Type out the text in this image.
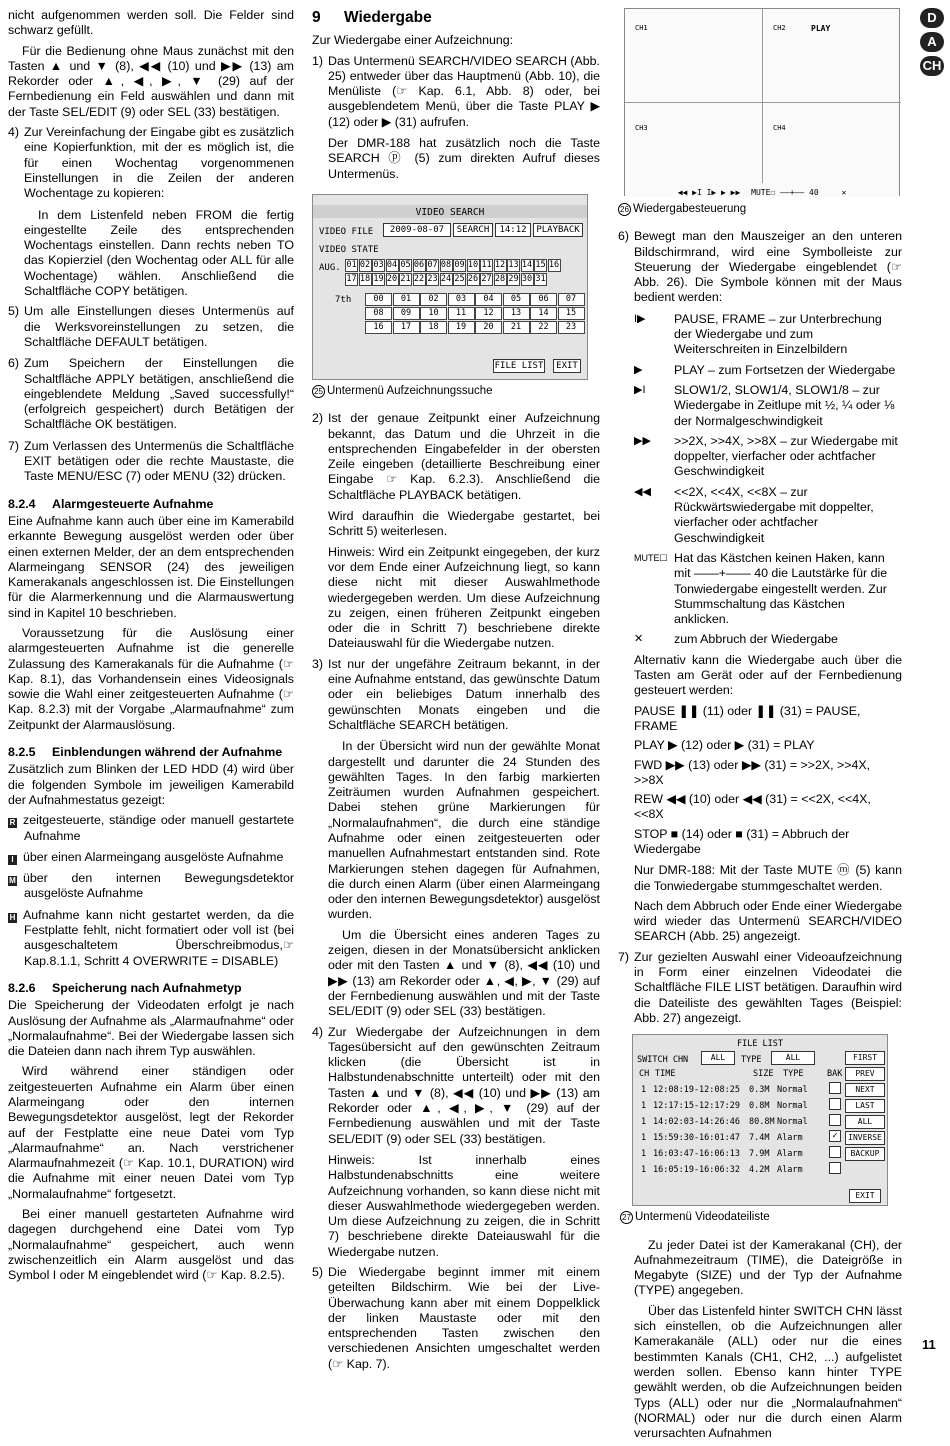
D
A
CH

nicht aufgenommen werden soll. Die Felder sind schwarz gefüllt.

Für die Bedienung ohne Maus zunächst mit den Tasten ▲ und ▼ (8), ◀◀ (10) und ▶▶ (13) am Rekorder oder ▲, ◀, ▶, ▼ (29) auf der Fernbedienung ein Feld auswählen und dann mit der Taste SEL/EDIT (9) oder SEL (33) bestätigen.

4) Zur Vereinfachung der Eingabe gibt es zusätzlich eine Kopierfunktion, mit der es möglich ist, die für einen Wochentag vorgenommenen Einstellungen in die Zeilen der anderen Wochentage zu kopieren:

In dem Listenfeld neben FROM die fertig eingestellte Zeile des entsprechenden Wochentags einstellen. Dann rechts neben TO das Kopierziel (den Wochentag oder ALL für alle Wochentage) wählen. Anschließend die Schaltfläche COPY betätigen.

5) Um alle Einstellungen dieses Untermenüs auf die Werksvoreinstellungen zu setzen, die Schaltfläche DEFAULT betätigen.
6) Zum Speichern der Einstellungen die Schaltfläche APPLY betätigen, anschließend die eingeblendete Meldung „Saved successfully!“ (erfolgreich gespeichert) durch Betätigen der Schaltfläche OK bestätigen.
7) Zum Verlassen des Untermenüs die Schaltfläche EXIT betätigen oder die rechte Maustaste, die Taste MENU/ESC (7) oder MENU (32) drücken.
8.2.4 Alarmgesteuerte Aufnahme

Eine Aufnahme kann auch über eine im Kamerabild erkannte Bewegung ausgelöst werden oder über einen externen Melder, der an dem entsprechenden Alarmeingang SENSOR (24) des jeweiligen Kamerakanals angeschlossen ist. Die Einstellungen für die Alarmerkennung und die Alarmauswertung sind in Kapitel 10 beschrieben.

Voraussetzung für die Auslösung einer alarmgesteuerten Aufnahme ist die generelle Zulassung des Kamerakanals für die Aufnahme (☞ Kap. 8.1), das Vorhandensein eines Videosignals sowie die Wahl einer zeitgesteuerten Aufnahme (☞ Kap. 8.2.3) mit der Vorgabe „Alarmaufnahme“ zum Zeitpunkt der Alarmauslösung.

8.2.5 Einblendungen während der Aufnahme

Zusätzlich zum Blinken der LED HDD (4) wird über die folgenden Symbole im jeweiligen Kamerabild der Aufnahmestatus gezeigt:

R zeitgesteuerte, ständige oder manuell gestartete Aufnahme
I über einen Alarmeingang ausgelöste Aufnahme
M über den internen Bewegungsdetektor ausgelöste Aufnahme
H Aufnahme kann nicht gestartet werden, da die Festplatte fehlt, nicht formatiert oder voll ist (bei ausgeschaltetem Überschreibmodus,☞Kap.8.1.1, Schritt 4 OVERWRITE = DISABLE)
8.2.6 Speicherung nach Aufnahmetyp

Die Speicherung der Videodaten erfolgt je nach Auslösung der Aufnahme als „Alarmaufnahme“ oder „Normalaufnahme“. Bei der Wiedergabe lassen sich die Dateien dann nach ihrem Typ auswählen.

Wird während einer ständigen oder zeitgesteuerten Aufnahme ein Alarm über einen Alarmeingang oder den internen Bewegungsdetektor ausgelöst, legt der Rekorder auf der Festplatte eine neue Datei vom Typ „Alarmaufnahme“ an. Nach verstrichener Alarmaufnahmezeit (☞ Kap. 10.1, DURATION) wird die Aufnahme mit einer neuen Datei vom Typ „Normalaufnahme“ fortgesetzt.

Bei einer manuell gestarteten Aufnahme wird dagegen durchgehend eine Datei vom Typ „Normalaufnahme“ gespeichert, auch wenn zwischenzeitlich ein Alarm ausgelöst und das Symbol I oder M eingeblendet wird (☞ Kap. 8.2.5).

9 Wiedergabe

Zur Wiedergabe einer Aufzeichnung:

1) Das Untermenü SEARCH/VIDEO SEARCH (Abb. 25) entweder über das Hauptmenü (Abb. 10), die Menüliste (☞ Kap. 6.1, Abb. 8) oder, bei ausgeblendetem Menü, über die Taste PLAY ▶ (12) oder ▶ (31) aufrufen.

Der DMR-188 hat zusätzlich noch die Taste SEARCH ⓟ (5) zum direkten Aufruf dieses Untermenüs.

VIDEO SEARCH
VIDEO FILE	2009-08-07	SEARCH	14:12	PLAYBACK
VIDEO STATE
AUG. 01 02 03 04 05 06 07 08 09 10 11 12 13 14 15 16
17 18 19 20 21 22 23 24 25 26 27 28 29 30 31
7th	00	01	02	03	04	05	06	07
08	09	10	11	12	13	14	15
16	17	18	19	20	21	22	23
FILE LIST	EXIT
25 Untermenü Aufzeichnungssuche
2) Ist der genaue Zeitpunkt einer Aufzeichnung bekannt, das Datum und die Uhrzeit in die entsprechenden Eingabefelder in der obersten Zeile eingeben (detaillierte Beschreibung einer Eingabe ☞ Kap. 6.2.3). Anschließend die Schaltfläche PLAYBACK betätigen.

Wird daraufhin die Wiedergabe gestartet, bei Schritt 5) weiterlesen.

Hinweis: Wird ein Zeitpunkt eingegeben, der kurz vor dem Ende einer Aufzeichnung liegt, so kann diese nicht mit dieser Auswahlmethode wiedergegeben werden. Um diese Aufzeichnung zu zeigen, einen früheren Zeitpunkt eingeben oder die in Schritt 7) beschriebene direkte Dateiauswahl für die Wiedergabe nutzen.

3) Ist nur der ungefähre Zeitraum bekannt, in der eine Aufnahme entstand, das gewünschte Datum oder ein beliebiges Datum innerhalb des gewünschten Monats eingeben und die Schaltfläche SEARCH betätigen.

In der Übersicht wird nun der gewählte Monat dargestellt und darunter die 24 Stunden des gewählten Tages. In den farbig markierten Zeiträumen wurden Aufnahmen gespeichert. Dabei stehen grüne Markierungen für „Normalaufnahmen“, die durch eine ständige Aufnahme oder einen zeitgesteuerten oder manuellen Aufnahmestart entstanden sind. Rote Markierungen stehen dagegen für Aufnahmen, die durch einen Alarm (über einen Alarmeingang oder den internen Bewegungsdetektor) ausgelöst wurden.

Um die Übersicht eines anderen Tages zu zeigen, diesen in der Monatsübersicht anklicken oder mit den Tasten ▲ und ▼ (8), ◀◀ (10) und ▶▶ (13) am Rekorder oder ▲, ◀, ▶, ▼ (29) auf der Fernbedienung auswählen und mit der Taste SEL/EDIT (9) oder SEL (33) bestätigen.

4) Zur Wiedergabe der Aufzeichnungen in dem Tagesübersicht auf den gewünschten Zeitraum klicken (die Übersicht ist in Halbstundenabschnitte unterteilt) oder mit den Tasten ▲ und ▼ (8), ◀◀ (10) und ▶▶ (13) am Rekorder oder ▲, ◀, ▶, ▼ (29) auf der Fernbedienung auswählen und mit der Taste SEL/EDIT (9) oder SEL (33) bestätigen.

Hinweis: Ist innerhalb eines Halbstundenabschnitts eine weitere Aufzeichnung vorhanden, so kann diese nicht mit dieser Auswahlmethode wiedergegeben werden. Um diese Aufzeichnung zu zeigen, die in Schritt 7) beschriebene direkte Dateiauswahl für die Wiedergabe nutzen.

5) Die Wiedergabe beginnt immer mit einem geteilten Bildschirm. Wie bei der Live-Überwachung kann aber mit einem Doppelklick der linken Maustaste oder mit den entsprechenden Tasten zwischen den verschiedenen Ansichten umgeschaltet werden (☞ Kap. 7).
CH1	CH2	PLAY
CH3	CH4
◀◀ ▶I I▶ ▶ ▶▶ MUTE☐ ——+—— 40	✕
26 Wiedergabesteuerung
6) Bewegt man den Mauszeiger an den unteren Bildschirmrand, wird eine Symbolleiste zur Steuerung der Wiedergabe eingeblendet (☞ Abb. 26). Die Symbole können mit der Maus bedient werden:
I▶	PAUSE, FRAME – zur Unterbrechung der Wiedergabe und zum Weiterschreiten in Einzelbildern
▶	PLAY – zum Fortsetzen der Wiedergabe
▶I	SLOW1/2, SLOW1/4, SLOW1/8 – zur Wiedergabe in Zeitlupe mit ½, ¼ oder ⅛ der Normalgeschwindigkeit
▶▶	>>2X, >>4X, >>8X – zur Wiedergabe mit doppelter, vierfacher oder achtfacher Geschwindigkeit
◀◀	<<2X, <<4X, <<8X – zur Rückwärtswiedergabe mit doppelter, vierfacher oder achtfacher Geschwindigkeit
MUTE☐ Hat das Kästchen keinen Haken, kann mit ——+—— 40 die Lautstärke für die Tonwiedergabe eingestellt werden. Zur Stummschaltung das Kästchen anklicken.
✕	zum Abbruch der Wiedergabe

Alternativ kann die Wiedergabe auch über die Tasten am Gerät oder auf der Fernbedienung gesteuert werden:

PAUSE ❚❚ (11) oder ❚❚ (31) = PAUSE, FRAME
PLAY ▶ (12) oder ▶ (31) = PLAY
FWD ▶▶ (13) oder ▶▶ (31) = >>2X, >>4X, >>8X
REW ◀◀ (10) oder ◀◀ (31) = <<2X, <<4X, <<8X
STOP ■ (14) oder ■ (31) = Abbruch der Wiedergabe

Nur DMR-188: Mit der Taste MUTE ⓜ (5) kann die Tonwiedergabe stummgeschaltet werden.

Nach dem Abbruch oder Ende einer Wiedergabe wird wieder das Untermenü SEARCH/VIDEO SEARCH (Abb. 25) angezeigt.

7) Zur gezielten Auswahl einer Videoaufzeichnung in Form einer einzelnen Videodatei die Schaltfläche FILE LIST betätigen. Daraufhin wird die Dateiliste des gewählten Tages (Beispiel: Abb. 27) angezeigt.
FILE LIST
SWITCH CHN	ALL	TYPE	ALL
CH TIME	SIZE TYPE	BAK
1 12:08:19-12:08:25 0.3M Normal
1 12:17:15-12:17:29 0.8M Normal
1 14:02:03-14:26:46 80.8M Normal
1 15:59:30-16:01:47 7.4M Alarm	✓
1 16:03:47-16:06:13 7.9M Alarm
1 16:05:19-16:06:32 4.2M Alarm
FIRST
PREV
NEXT
LAST
ALL
INVERSE
BACKUP
EXIT
27 Untermenü Videodateiliste

Zu jeder Datei ist der Kamerakanal (CH), der Aufnahmezeitraum (TIME), die Dateigröße in Megabyte (SIZE) und der Typ der Aufnahme (TYPE) angegeben.

Über das Listenfeld hinter SWITCH CHN lässt sich einstellen, ob die Aufzeichnungen aller Kamerakanäle (ALL) oder nur die eines bestimmten Kanals (CH1, CH2, ...) aufgelistet werden sollen. Ebenso kann hinter TYPE gewählt werden, ob die Aufzeichnungen beiden Typs (ALL) oder nur die „Normalaufnahmen“ (NORMAL) oder nur die durch einen Alarm verursachten Aufnahmen

11
